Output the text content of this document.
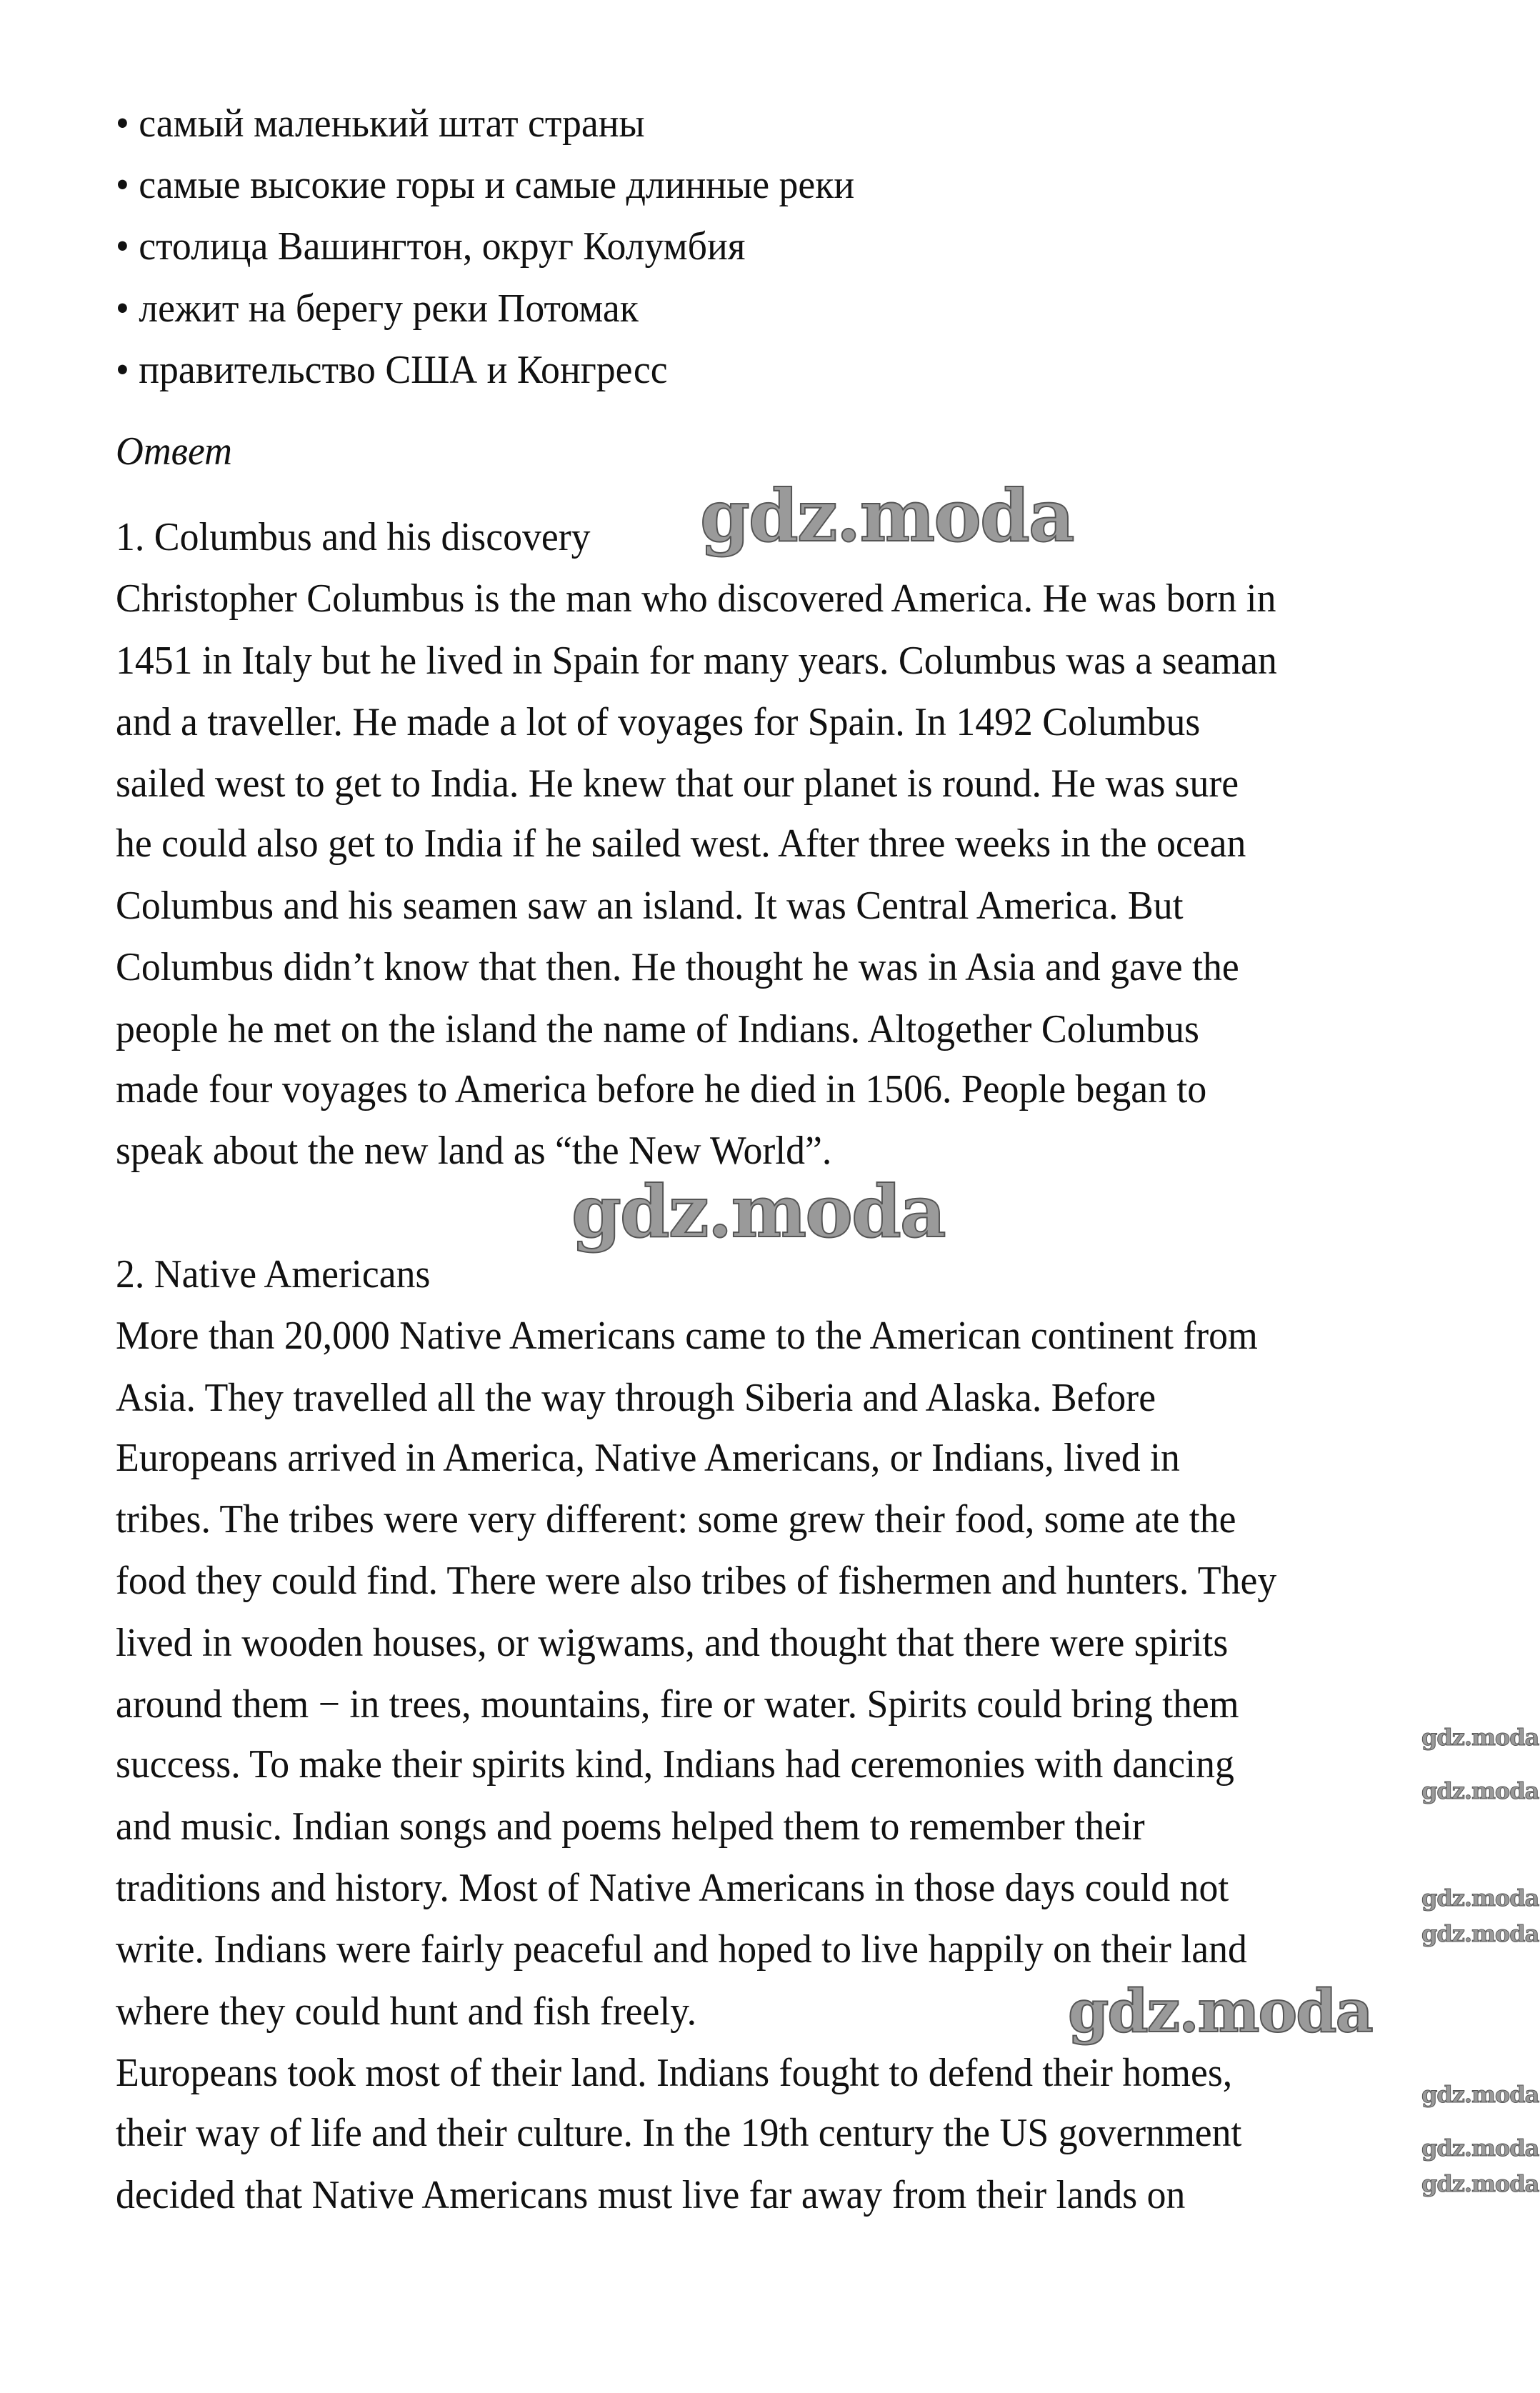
• самый маленький штат страны
• самые высокие горы и самые длинные реки
• столица Вашингтон, округ Колумбия
• лежит на берегу реки Потомак
• правительство США и Конгресс
Ответ
1. Columbus and his discovery
Christopher Columbus is the man who discovered America. He was born in
1451 in Italy but he lived in Spain for many years. Columbus was a seaman
and a traveller. He made a lot of voyages for Spain. In 1492 Columbus
sailed west to get to India. He knew that our planet is round. He was sure
he could also get to India if he sailed west. After three weeks in the ocean
Columbus and his seamen saw an island. It was Central America. But
Columbus didn’t know that then. He thought he was in Asia and gave the
people he met on the island the name of Indians. Altogether Columbus
made four voyages to America before he died in 1506. People began to
speak about the new land as “the New World”.
2. Native Americans
More than 20,000 Native Americans came to the American continent from
Asia. They travelled all the way through Siberia and Alaska. Before
Europeans arrived in America, Native Americans, or Indians, lived in
tribes. The tribes were very different: some grew their food, some ate the
food they could find. There were also tribes of fishermen and hunters. They
lived in wooden houses, or wigwams, and thought that there were spirits
around them − in trees, mountains, fire or water. Spirits could bring them
success. To make their spirits kind, Indians had ceremonies with dancing
and music. Indian songs and poems helped them to remember their
traditions and history. Most of Native Americans in those days could not
write. Indians were fairly peaceful and hoped to live happily on their land
where they could hunt and fish freely.
Europeans took most of their land. Indians fought to defend their homes,
their way of life and their culture. In the 19th century the US government
decided that Native Americans must live far away from their lands on
gdz.moda
gdz.moda
gdz.moda
gdz.moda
gdz.moda
gdz.moda
gdz.moda
gdz.moda
gdz.moda
gdz.moda
